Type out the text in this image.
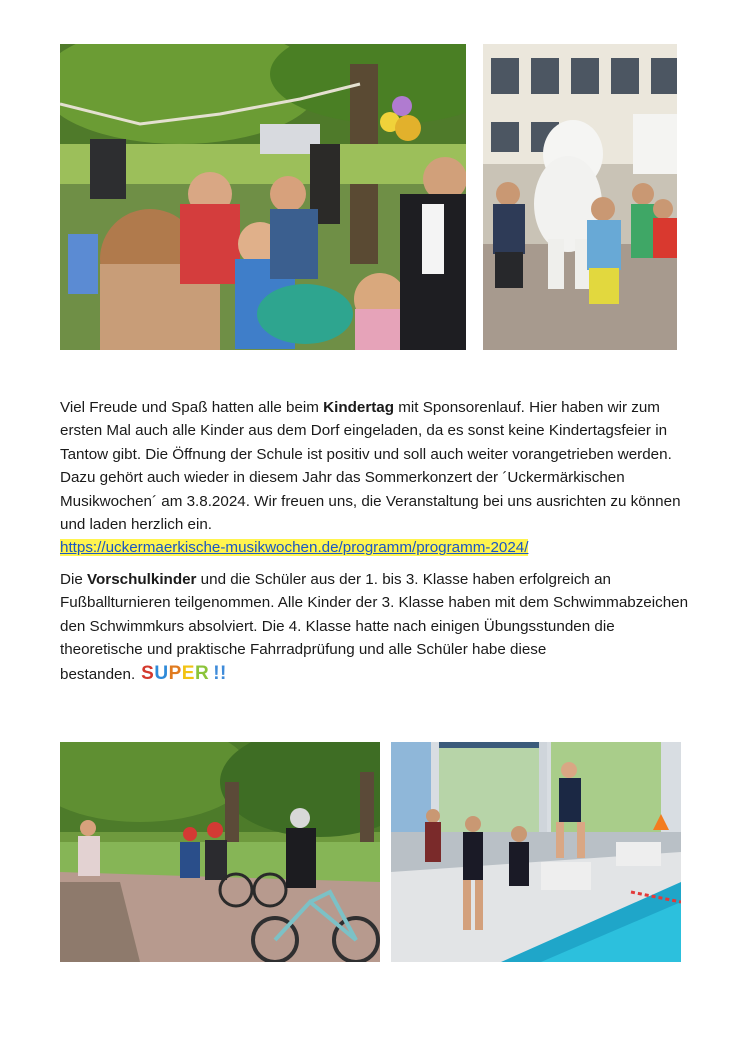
Viel Freude und Spaß hatten alle beim Kindertag mit Sponsorenlauf. Hier haben wir zum ersten Mal auch alle Kinder aus dem Dorf eingeladen, da es sonst keine Kindertagsfeier in Tantow gibt. Die Öffnung der Schule ist positiv und soll auch weiter vorangetrieben werden. Dazu gehört auch wieder in diesem Jahr das Sommerkonzert der ´Uckermärkischen Musikwochen´ am 3.8.2024. Wir freuen uns, die Veranstaltung bei uns ausrichten zu können und laden herzlich ein.
https://uckermaerkische-musikwochen.de/programm/programm-2024/
Die Vorschulkinder und die Schüler aus der 1. bis 3. Klasse haben erfolgreich an Fußballturnieren teilgenommen. Alle Kinder der 3. Klasse haben mit dem Schwimmabzeichen den Schwimmkurs absolviert. Die 4. Klasse hatte nach einigen Übungsstunden die theoretische und praktische Fahrradprüfung und alle Schüler habe diese bestanden. SUPER !!
